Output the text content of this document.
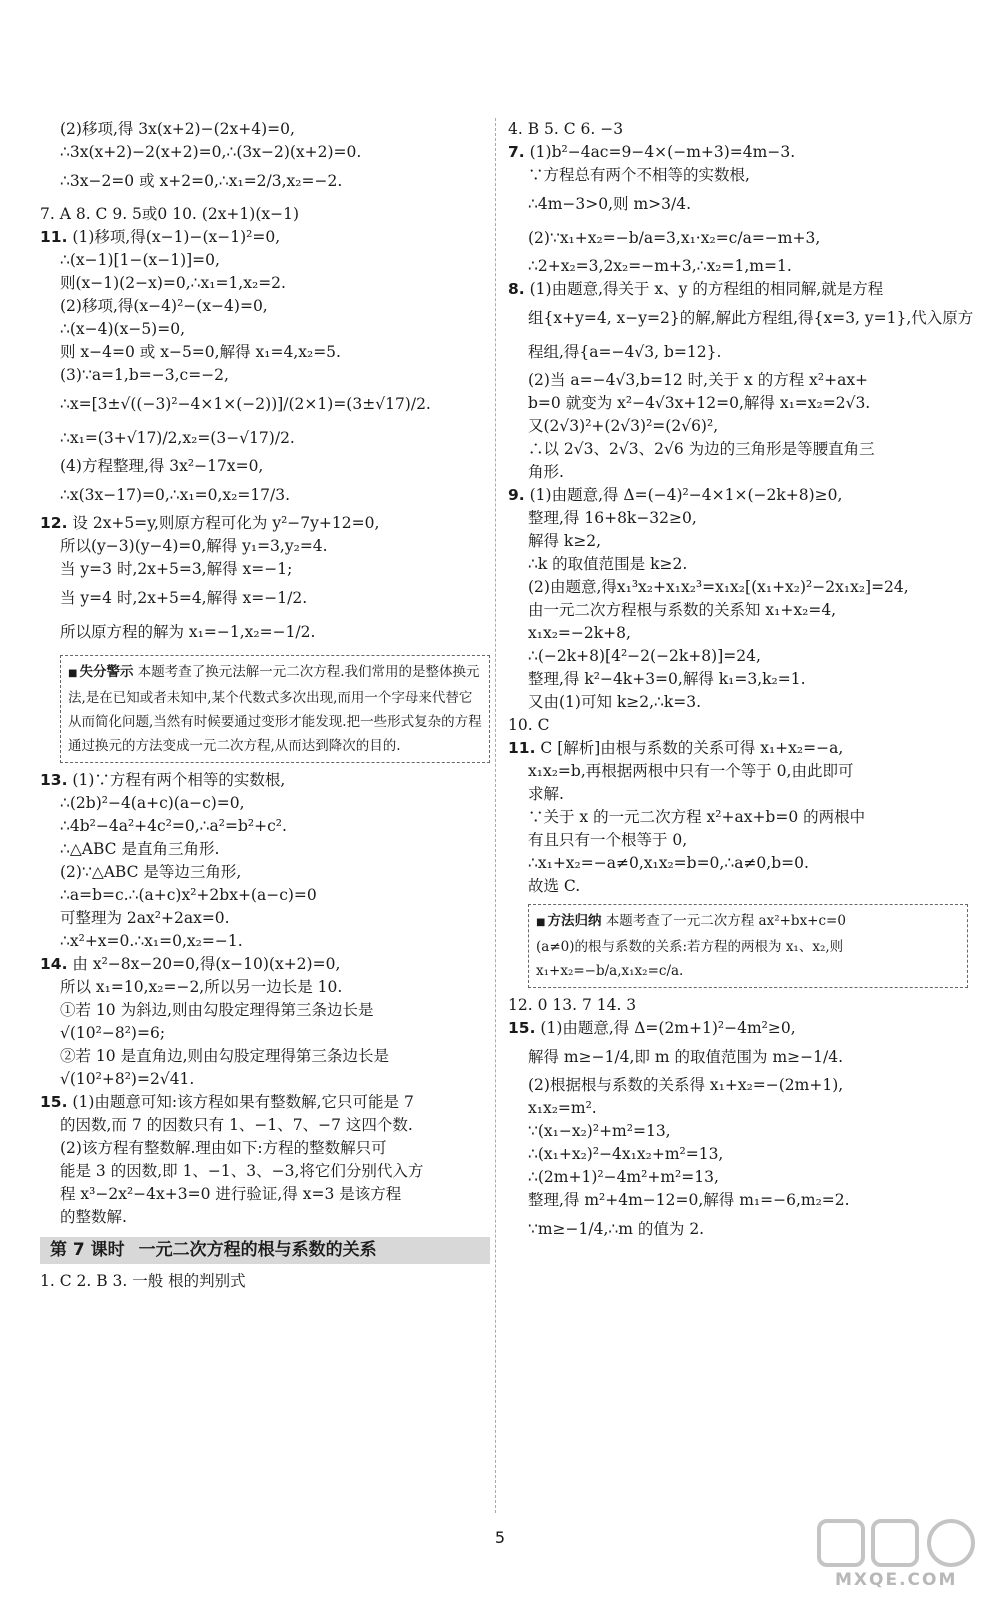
(2)移项,得 3x(x+2)−(2x+4)=0,
∴3x(x+2)−2(x+2)=0,∴(3x−2)(x+2)=0.
∴3x−2=0 或 x+2=0,∴x₁=2/3,x₂=−2.
7. A 8. C 9. 5或0 10. (2x+1)(x−1)
11. (1)移项,得(x−1)−(x−1)²=0,
∴(x−1)[1−(x−1)]=0,
则(x−1)(2−x)=0,∴x₁=1,x₂=2.
(2)移项,得(x−4)²−(x−4)=0,
∴(x−4)(x−5)=0,
则 x−4=0 或 x−5=0,解得 x₁=4,x₂=5.
(3)∵a=1,b=−3,c=−2,
∴x=[3±√((−3)²−4×1×(−2))]/(2×1)=(3±√17)/2.
∴x₁=(3+√17)/2,x₂=(3−√17)/2.
(4)方程整理,得 3x²−17x=0,
∴x(3x−17)=0,∴x₁=0,x₂=17/3.
12. 设 2x+5=y,则原方程可化为 y²−7y+12=0,
所以(y−3)(y−4)=0,解得 y₁=3,y₂=4.
当 y=3 时,2x+5=3,解得 x=−1;
当 y=4 时,2x+5=4,解得 x=−1/2.
所以原方程的解为 x₁=−1,x₂=−1/2.
■ 失分警示 本题考查了换元法解一元二次方程.我们常用的是整体换元法,是在已知或者未知中,某个代数式多次出现,而用一个字母来代替它从而简化问题,当然有时候要通过变形才能发现.把一些形式复杂的方程通过换元的方法变成一元二次方程,从而达到降次的目的.
13. (1)∵方程有两个相等的实数根,
∴(2b)²−4(a+c)(a−c)=0,
∴4b²−4a²+4c²=0,∴a²=b²+c².
∴△ABC 是直角三角形.
(2)∵△ABC 是等边三角形,
∴a=b=c.∴(a+c)x²+2bx+(a−c)=0
可整理为 2ax²+2ax=0.
∴x²+x=0.∴x₁=0,x₂=−1.
14. 由 x²−8x−20=0,得(x−10)(x+2)=0,
所以 x₁=10,x₂=−2,所以另一边长是 10.
①若 10 为斜边,则由勾股定理得第三条边长是
√(10²−8²)=6;
②若 10 是直角边,则由勾股定理得第三条边长是
√(10²+8²)=2√41.
15. (1)由题意可知:该方程如果有整数解,它只可能是 7
的因数,而 7 的因数只有 1、−1、7、−7 这四个数.
(2)该方程有整数解.理由如下:方程的整数解只可
能是 3 的因数,即 1、−1、3、−3,将它们分别代入方
程 x³−2x²−4x+3=0 进行验证,得 x=3 是该方程
的整数解.
第 7 课时 一元二次方程的根与系数的关系
1. C 2. B 3. 一般 根的判别式
4. B 5. C 6. −3
7. (1)b²−4ac=9−4×(−m+3)=4m−3.
∵方程总有两个不相等的实数根,
∴4m−3>0,则 m>3/4.
(2)∵x₁+x₂=−b/a=3,x₁·x₂=c/a=−m+3,
∴2+x₂=3,2x₂=−m+3,∴x₂=1,m=1.
8. (1)由题意,得关于 x、y 的方程组的相同解,就是方程
组{x+y=4, x−y=2}的解,解此方程组,得{x=3, y=1},代入原方
程组,得{a=−4√3, b=12}.
(2)当 a=−4√3,b=12 时,关于 x 的方程 x²+ax+
b=0 就变为 x²−4√3x+12=0,解得 x₁=x₂=2√3.
又(2√3)²+(2√3)²=(2√6)²,
∴以 2√3、2√3、2√6 为边的三角形是等腰直角三
角形.
9. (1)由题意,得 Δ=(−4)²−4×1×(−2k+8)≥0,
整理,得 16+8k−32≥0,
解得 k≥2,
∴k 的取值范围是 k≥2.
(2)由题意,得x₁³x₂+x₁x₂³=x₁x₂[(x₁+x₂)²−2x₁x₂]=24,
由一元二次方程根与系数的关系知 x₁+x₂=4,
x₁x₂=−2k+8,
∴(−2k+8)[4²−2(−2k+8)]=24,
整理,得 k²−4k+3=0,解得 k₁=3,k₂=1.
又由(1)可知 k≥2,∴k=3.
10. C
11. C [解析]由根与系数的关系可得 x₁+x₂=−a,
x₁x₂=b,再根据两根中只有一个等于 0,由此即可
求解.
∵关于 x 的一元二次方程 x²+ax+b=0 的两根中
有且只有一个根等于 0,
∴x₁+x₂=−a≠0,x₁x₂=b=0,∴a≠0,b=0.
故选 C.
■ 方法归纳 本题考查了一元二次方程 ax²+bx+c=0
(a≠0)的根与系数的关系:若方程的两根为 x₁、x₂,则
x₁+x₂=−b/a,x₁x₂=c/a.
12. 0 13. 7 14. 3
15. (1)由题意,得 Δ=(2m+1)²−4m²≥0,
解得 m≥−1/4,即 m 的取值范围为 m≥−1/4.
(2)根据根与系数的关系得 x₁+x₂=−(2m+1),
x₁x₂=m².
∵(x₁−x₂)²+m²=13,
∴(x₁+x₂)²−4x₁x₂+m²=13,
∴(2m+1)²−4m²+m²=13,
整理,得 m²+4m−12=0,解得 m₁=−6,m₂=2.
∵m≥−1/4,∴m 的值为 2.
5
MXQE.COM
